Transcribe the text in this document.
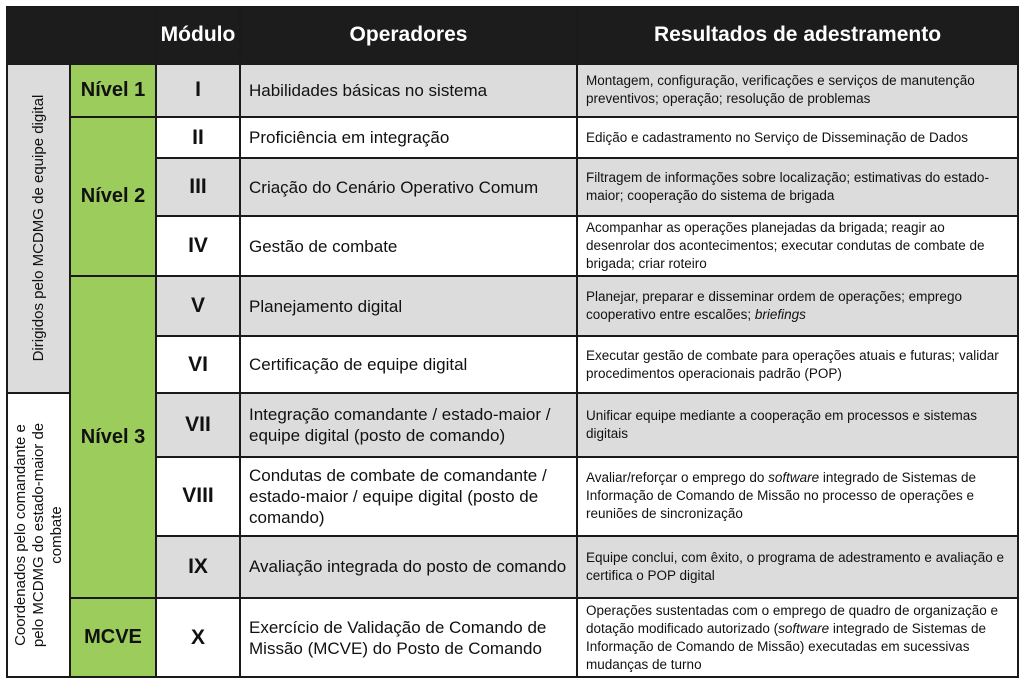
		Módulo	Operadores	Resultados de adestramento

Dirigidos pelo MCDMG de equipe digital	Nível 1	I	Habilidades básicas no sistema	Montagem, configuração, verificações e serviços de manutenção preventivos; operação; resolução de problemas
	Nível 2	II	Proficiência em integração	Edição e cadastramento no Serviço de Disseminação de Dados
		III	Criação do Cenário Operativo Comum	Filtragem de informações sobre localização; estimativas do estado-maior; cooperação do sistema de brigada
		IV	Gestão de combate	Acompanhar as operações planejadas da brigada; reagir ao desenrolar dos acontecimentos; executar condutas de combate de brigada; criar roteiro
	Nível 3	V	Planejamento digital	Planejar, preparar e disseminar ordem de operações; emprego cooperativo entre escalões; briefings
		VI	Certificação de equipe digital	Executar gestão de combate para operações atuais e futuras; validar procedimentos operacionais padrão (POP)

Coordenados pelo comandante e pelo MCDMG do estado-maior de combate		VII	Integração comandante / estado-maior / equipe digital (posto de comando)	Unificar equipe mediante a cooperação em processos e sistemas digitais
		VIII	Condutas de combate de comandante / estado-maior / equipe digital (posto de comando)	Avaliar/reforçar o emprego do software integrado de Sistemas de Informação de Comando de Missão no processo de operações e reuniões de sincronização
		IX	Avaliação integrada do posto de comando	Equipe conclui, com êxito, o programa de adestramento e avaliação e certifica o POP digital
	MCVE	X	Exercício de Validação de Comando de Missão (MCVE) do Posto de Comando	Operações sustentadas com o emprego de quadro de organização e dotação modificado autorizado (software integrado de Sistemas de Informação de Comando de Missão) executadas em sucessivas mudanças de turno
